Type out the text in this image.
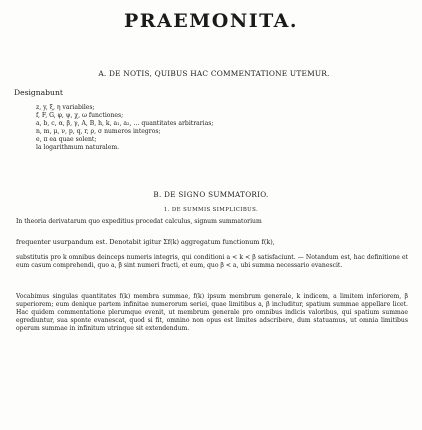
PRAEMONITA.
A. DE NOTIS, QUIBUS HAC COMMENTATIONE UTEMUR.
Designabunt
z, y, ξ, η variabiles;
f, F, G, φ, ψ, χ, ω functiones;
a, b, c, α, β, γ, A, B, h, k, a₁, a₂, … quantitates arbitrarias;
n, m, μ, ν, p, q, r, ρ, σ numeros integros;
e, π ea quae solent;
la logarithmum naturalem.
B. DE SIGNO SUMMATORIO.
1. DE SUMMIS SIMPLICIBUS.
In theoria derivatarum quo expeditius procedat calculus, signum summatorium
frequenter usurpandum est. Denotabit igitur Σf(k) aggregatum functionum f(k),
substitutis pro k omnibus deinceps numeris integris, qui conditioni a < k < β satisfaciunt. — Notandum est, hac definitione et eum casum comprehendi, quo a, β sint numeri fracti, et eum, quo β < a, ubi summa necessario evanescit.
Vocabimus singulas quantitates f(k) membra summae, f(k) ipsum membrum generale, k indicem, a limitem inferiorem, β superiorem; eum denique partem infinitae numerorum seriei, quae limitibus a, β includitur, spatium summae appellare licet. Hac quidem commentatione plerumque evenit, ut membrum generale pro omnibus indicis valoribus, qui spatium summae egrediuntur, sua sponte evanescat, quod si fit, omnino non opus est limites adscribere, dum statuamus, ut omnia limitibus operum summae in infinitum utrinque sit extendendum.
